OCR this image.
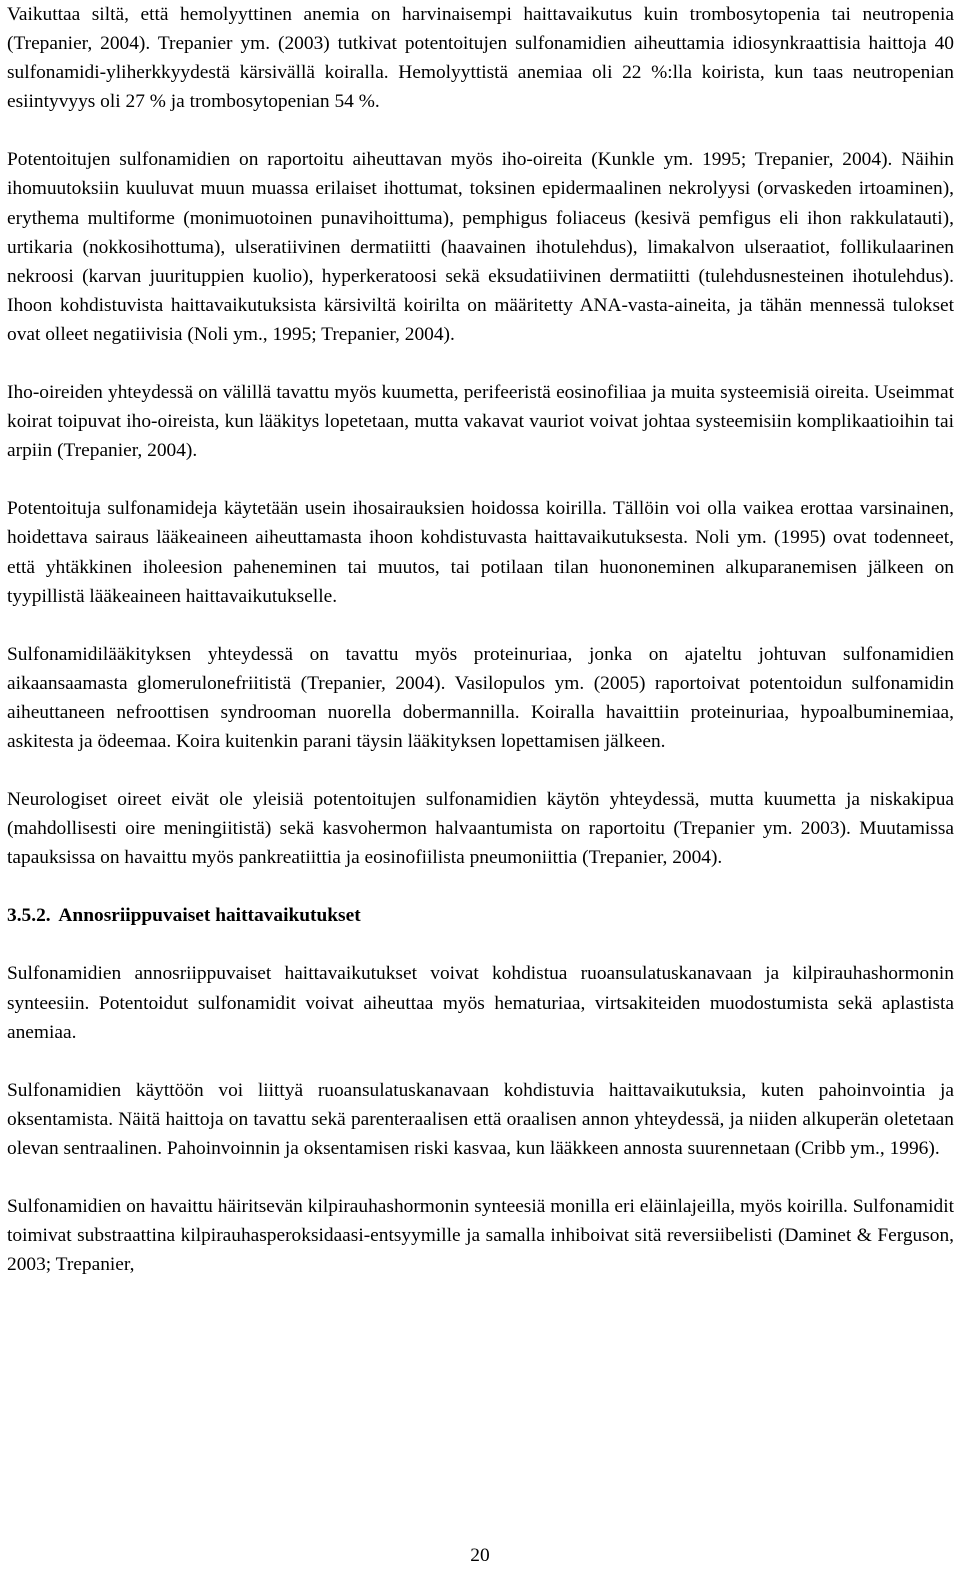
Vaikuttaa siltä, että hemolyyttinen anemia on harvinaisempi haittavaikutus kuin trombosytopenia tai neutropenia (Trepanier, 2004). Trepanier ym. (2003) tutkivat potentoitujen sulfonamidien aiheuttamia idiosynkraattisia haittoja 40 sulfonamidi-yliherkkyydestä kärsivällä koiralla. Hemolyyttistä anemiaa oli 22 %:lla koirista, kun taas neutropenian esiintyvyys oli 27 % ja trombosytopenian 54 %.

Potentoitujen sulfonamidien on raportoitu aiheuttavan myös iho-oireita (Kunkle ym. 1995; Trepanier, 2004). Näihin ihomuutoksiin kuuluvat muun muassa erilaiset ihottumat, toksinen epidermaalinen nekrolyysi (orvaskeden irtoaminen), erythema multiforme (monimuotoinen punavihoittuma), pemphigus foliaceus (kesivä pemfigus eli ihon rakkulatauti), urtikaria (nokkosihottuma), ulseratiivinen dermatiitti (haavainen ihotulehdus), limakalvon ulseraatiot, follikulaarinen nekroosi (karvan juurituppien kuolio), hyperkeratoosi sekä eksudatiivinen dermatiitti (tulehdusnesteinen ihotulehdus). Ihoon kohdistuvista haittavaikutuksista kärsiviltä koirilta on määritetty ANA-vasta-aineita, ja tähän mennessä tulokset ovat olleet negatiivisia (Noli ym., 1995; Trepanier, 2004).

Iho-oireiden yhteydessä on välillä tavattu myös kuumetta, perifeeristä eosinofiliaa ja muita systeemisiä oireita. Useimmat koirat toipuvat iho-oireista, kun lääkitys lopetetaan, mutta vakavat vauriot voivat johtaa systeemisiin komplikaatioihin tai arpiin (Trepanier, 2004).

Potentoituja sulfonamideja käytetään usein ihosairauksien hoidossa koirilla. Tällöin voi olla vaikea erottaa varsinainen, hoidettava sairaus lääkeaineen aiheuttamasta ihoon kohdistuvasta haittavaikutuksesta. Noli ym. (1995) ovat todenneet, että yhtäkkinen iholeesion paheneminen tai muutos, tai potilaan tilan huononeminen alkuparanemisen jälkeen on tyypillistä lääkeaineen haittavaikutukselle.

Sulfonamidilääkityksen yhteydessä on tavattu myös proteinuriaa, jonka on ajateltu johtuvan sulfonamidien aikaansaamasta glomerulonefriitistä (Trepanier, 2004). Vasilopulos ym. (2005) raportoivat potentoidun sulfonamidin aiheuttaneen nefroottisen syndrooman nuorella dobermannilla. Koiralla havaittiin proteinuriaa, hypoalbuminemiaa, askitesta ja ödeemaa. Koira kuitenkin parani täysin lääkityksen lopettamisen jälkeen.

Neurologiset oireet eivät ole yleisiä potentoitujen sulfonamidien käytön yhteydessä, mutta kuumetta ja niskakipua (mahdollisesti oire meningiitistä) sekä kasvohermon halvaantumista on raportoitu (Trepanier ym. 2003). Muutamissa tapauksissa on havaittu myös pankreatiittia ja eosinofiilista pneumoniittia (Trepanier, 2004).

3.5.2. Annosriippuvaiset haittavaikutukset

Sulfonamidien annosriippuvaiset haittavaikutukset voivat kohdistua ruoansulatuskanavaan ja kilpirauhashormonin synteesiin. Potentoidut sulfonamidit voivat aiheuttaa myös hematuriaa, virtsakiteiden muodostumista sekä aplastista anemiaa.

Sulfonamidien käyttöön voi liittyä ruoansulatuskanavaan kohdistuvia haittavaikutuksia, kuten pahoinvointia ja oksentamista. Näitä haittoja on tavattu sekä parenteraalisen että oraalisen annon yhteydessä, ja niiden alkuperän oletetaan olevan sentraalinen. Pahoinvoinnin ja oksentamisen riski kasvaa, kun lääkkeen annosta suurennetaan (Cribb ym., 1996).

Sulfonamidien on havaittu häiritsevän kilpirauhashormonin synteesiä monilla eri eläinlajeilla, myös koirilla. Sulfonamidit toimivat substraattina kilpirauhasperoksidaasi-entsyymille ja samalla inhiboivat sitä reversiibelisti (Daminet & Ferguson, 2003; Trepanier,

20
